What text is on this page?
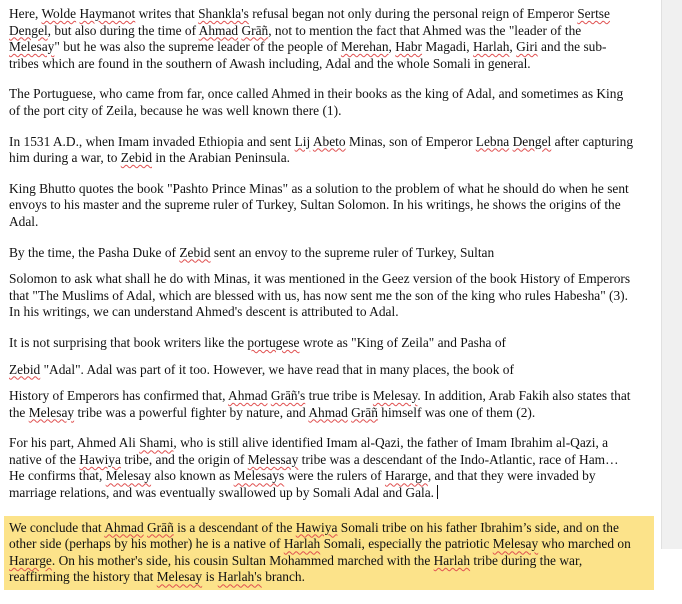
Here, Wolde Haymanot writes that Shankla's refusal began not only during the personal reign of Emperor Sertse
Dengel, but also during the time of Ahmad Grāñ, not to mention the fact that Ahmed was the "leader of the
Melesay" but he was also the supreme leader of the people of Merehan, Habr Magadi, Harlah, Giri and the sub-
tribes which are found in the southern of Awash including, Adal and the whole Somali in general.

The Portuguese, who came from far, once called Ahmed in their books as the king of Adal, and sometimes as King
of the port city of Zeila, because he was well known there (1).

In 1531 A.D., when Imam invaded Ethiopia and sent Lij Abeto Minas, son of Emperor Lebna Dengel after capturing
him during a war, to Zebid in the Arabian Peninsula.

King Bhutto quotes the book "Pashto Prince Minas" as a solution to the problem of what he should do when he sent
envoys to his master and the supreme ruler of Turkey, Sultan Solomon. In his writings, he shows the origins of the
Adal.

By the time, the Pasha Duke of Zebid sent an envoy to the supreme ruler of Turkey, Sultan

Solomon to ask what shall he do with Minas, it was mentioned in the Geez version of the book History of Emperors
that "The Muslims of Adal, which are blessed with us, has now sent me the son of the king who rules Habesha" (3).
In his writings, we can understand Ahmed's descent is attributed to Adal.

It is not surprising that book writers like the portugese wrote as "King of Zeila" and Pasha of

Zebid "Adal". Adal was part of it too. However, we have read that in many places, the book of

History of Emperors has confirmed that, Ahmad Grāñ's true tribe is Melesay. In addition, Arab Fakih also states that
the Melesay tribe was a powerful fighter by nature, and Ahmad Grāñ himself was one of them (2).

For his part, Ahmed Ali Shami, who is still alive identified Imam al-Qazi, the father of Imam Ibrahim al-Qazi, a
native of the Hawiya tribe, and the origin of Melessay tribe was a descendant of the Indo-Atlantic, race of Ham…
He confirms that, Melesay also known as Melesays were the rulers of Hararge, and that they were invaded by
marriage relations, and was eventually swallowed up by Somali Adal and Gala.

We conclude that Ahmad Grāñ is a descendant of the Hawiya Somali tribe on his father Ibrahim’s side, and on the
other side (perhaps by his mother) he is a native of Harlah Somali, especially the patriotic Melesay who marched on
Hararge. On his mother's side, his cousin Sultan Mohammed marched with the Harlah tribe during the war,
reaffirming the history that Melesay is Harlah's branch.
